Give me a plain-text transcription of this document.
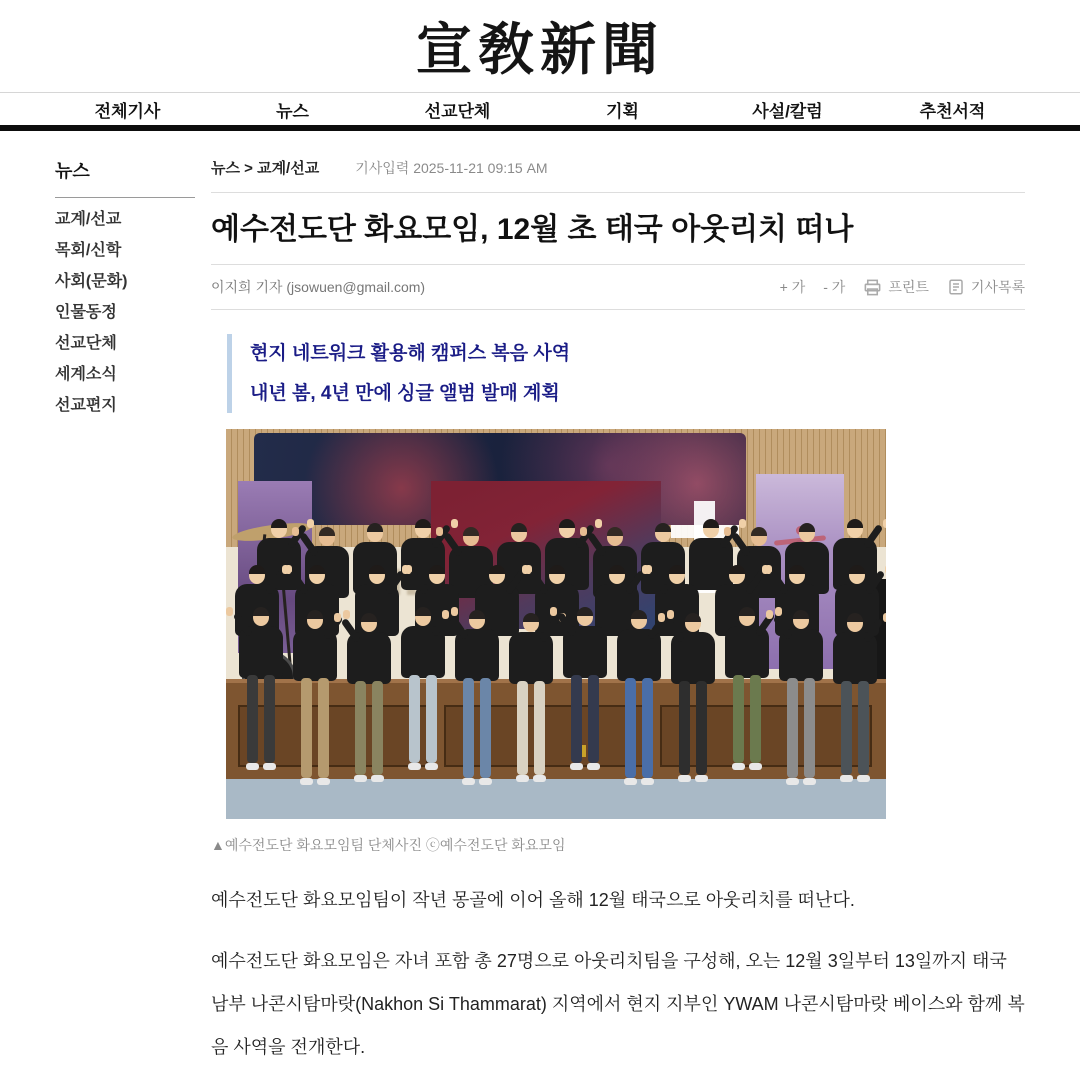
宣敎新聞
전체기사	뉴스	선교단체	기획	사설/칼럼	추천서적
뉴스
교계/선교
목회/신학
사회(문화)
인물동정
선교단체
세계소식
선교편지
뉴스 > 교계/선교	기사입력 2025-11-21 09:15 AM
예수전도단 화요모임, 12월 초 태국 아웃리치 떠나
이지희 기자 (jsowuen@gmail.com)	+ 가 - 가	프린트	기사목록
현지 네트워크 활용해 캠퍼스 복음 사역
내년 봄, 4년 만에 싱글 앨범 발매 계획
▲예수전도단 화요모임팀 단체사진 ⓒ예수전도단 화요모임

예수전도단 화요모임팀이 작년 몽골에 이어 올해 12월 태국으로 아웃리치를 떠난다.

예수전도단 화요모임은 자녀 포함 총 27명으로 아웃리치팀을 구성해, 오는 12월 3일부터 13일까지 태국 남부 나콘시탐마랏(Nakhon Si Thammarat) 지역에서 현지 지부인 YWAM 나콘시탐마랏 베이스와 함께 복음 사역을 전개한다.
